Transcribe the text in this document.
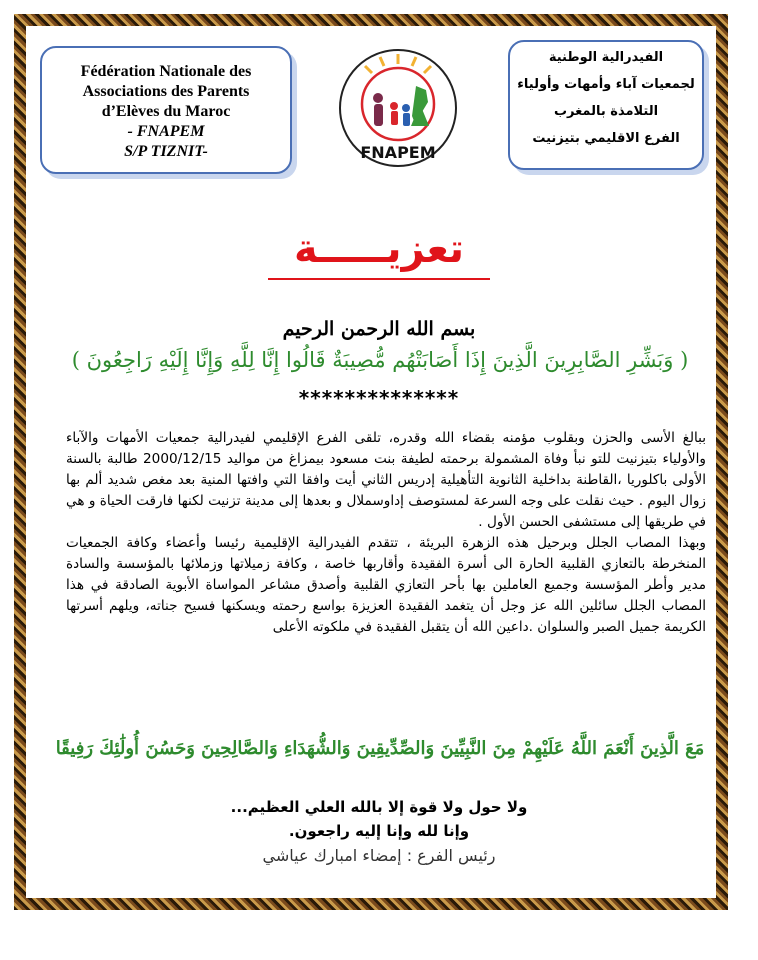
Fédération Nationale des
Associations des Parents
d’Elèves du Maroc
- FNAPEM
S/P TIZNIT-	FNAPEM
الفيدرالية الوطنية
لجمعيات آباء وأمهات وأولياء
التلامذة بالمغرب
الفرع الاقليمي بتيزنيت
تعزيـــــة
بسم الله الرحمن الرحيم
( وَبَشِّرِ الصَّابِرِينَ الَّذِينَ إِذَا أَصَابَتْهُم مُّصِيبَةٌ قَالُوا إِنَّا لِلَّهِ وَإِنَّا إِلَيْهِ رَاجِعُونَ )
**************

ببالغ الأسى والحزن وبقلوب مؤمنه بقضاء الله وقدره، تلقى الفرع الإقليمي لفيدرالية جمعيات الأمهات والآباء والأولياء بتيزنيت للتو نبأ وفاة المشمولة برحمته لطيفة بنت مسعود بيمزاغ من مواليد 2000/12/15 طالبة بالسنة الأولى باكلوريا ،القاطنة بداخلية الثانوية التأهيلية إدريس الثاني أيت وافقا التي وافتها المنية بعد مغص شديد ألم بها زوال اليوم . حيث نقلت على وجه السرعة لمستوصف إداوسملال و بعدها إلى مدينة تزنيت لكنها فارقت الحياة و هي في طريقها إلى مستشفى الحسن الأول .

وبهذا المصاب الجلل وبرحيل هذه الزهرة البريئة ، تتقدم الفيدرالية الإقليمية رئيسا وأعضاء وكافة الجمعيات المنخرطة بالتعازي القلبية الحارة الى أسرة الفقيدة وأقاربها خاصة ، وكافة زميلاتها وزملائها بالمؤسسة والسادة مدير وأطر المؤسسة وجميع العاملين بها بأحر التعازي القلبية وأصدق مشاعر المواساة الأبوية الصادقة في هذا المصاب الجلل سائلين الله عز وجل أن يتغمد الفقيدة العزيزة بواسع رحمته ويسكنها فسيح جناته، ويلهم أسرتها الكريمة جميل الصبر والسلوان .داعين الله أن يتقبل الفقيدة في ملكوته الأعلى

مَعَ الَّذِينَ أَنْعَمَ اللَّهُ عَلَيْهِمْ مِنَ النَّبِيِّينَ وَالصِّدِّيقِينَ وَالشُّهَدَاءِ وَالصَّالِحِينَ وَحَسُنَ أُولَٰئِكَ رَفِيقًا
ولا حول ولا قوة إلا بالله العلي العظيم...
وإنا لله وإنا إليه راجعون.
رئيس الفرع : إمضاء امبارك عياشي
